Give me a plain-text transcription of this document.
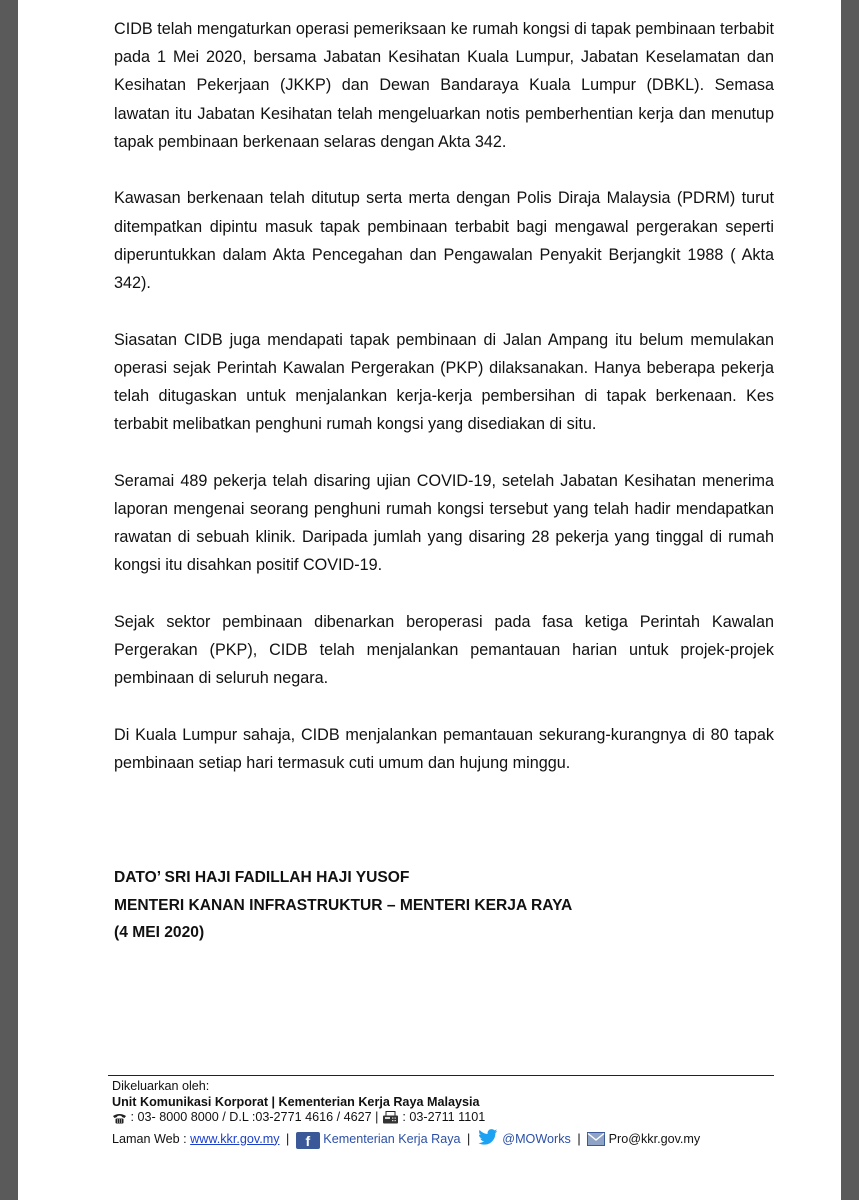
CIDB telah mengaturkan operasi pemeriksaan ke rumah kongsi di tapak pembinaan terbabit pada 1 Mei 2020, bersama Jabatan Kesihatan Kuala Lumpur, Jabatan Keselamatan dan Kesihatan Pekerjaan (JKKP) dan Dewan Bandaraya Kuala Lumpur (DBKL). Semasa lawatan itu Jabatan Kesihatan telah mengeluarkan notis pemberhentian kerja dan menutup tapak pembinaan berkenaan selaras dengan Akta 342.

Kawasan berkenaan telah ditutup serta merta dengan Polis Diraja Malaysia (PDRM) turut ditempatkan dipintu masuk tapak pembinaan terbabit bagi mengawal pergerakan seperti diperuntukkan dalam Akta Pencegahan dan Pengawalan Penyakit Berjangkit 1988 ( Akta 342).

Siasatan CIDB juga mendapati tapak pembinaan di Jalan Ampang itu belum memulakan operasi sejak Perintah Kawalan Pergerakan (PKP) dilaksanakan. Hanya beberapa pekerja telah ditugaskan untuk menjalankan kerja-kerja pembersihan di tapak berkenaan. Kes terbabit melibatkan penghuni rumah kongsi yang disediakan di situ.

Seramai 489 pekerja telah disaring ujian COVID-19, setelah Jabatan Kesihatan menerima laporan mengenai seorang penghuni rumah kongsi tersebut yang telah hadir mendapatkan rawatan di sebuah klinik. Daripada jumlah yang disaring 28 pekerja yang tinggal di rumah kongsi itu disahkan positif COVID-19.

Sejak sektor pembinaan dibenarkan beroperasi pada fasa ketiga Perintah Kawalan Pergerakan (PKP), CIDB telah menjalankan pemantauan harian untuk projek-projek pembinaan di seluruh negara.

Di Kuala Lumpur sahaja, CIDB menjalankan pemantauan sekurang-kurangnya di 80 tapak pembinaan setiap hari termasuk cuti umum dan hujung minggu.

DATO’ SRI HAJI FADILLAH HAJI YUSOF
MENTERI KANAN INFRASTRUKTUR – MENTERI KERJA RAYA
(4 MEI 2020)
Dikeluarkan oleh:
Unit Komunikasi Korporat | Kementerian Kerja Raya Malaysia
: 03- 8000 8000 / D.L :03-2771 4616 / 4627 | : 03-2711 1101
Laman Web : www.kkr.gov.my | f Kementerian Kerja Raya |	@MOWorks | Pro@kkr.gov.my
